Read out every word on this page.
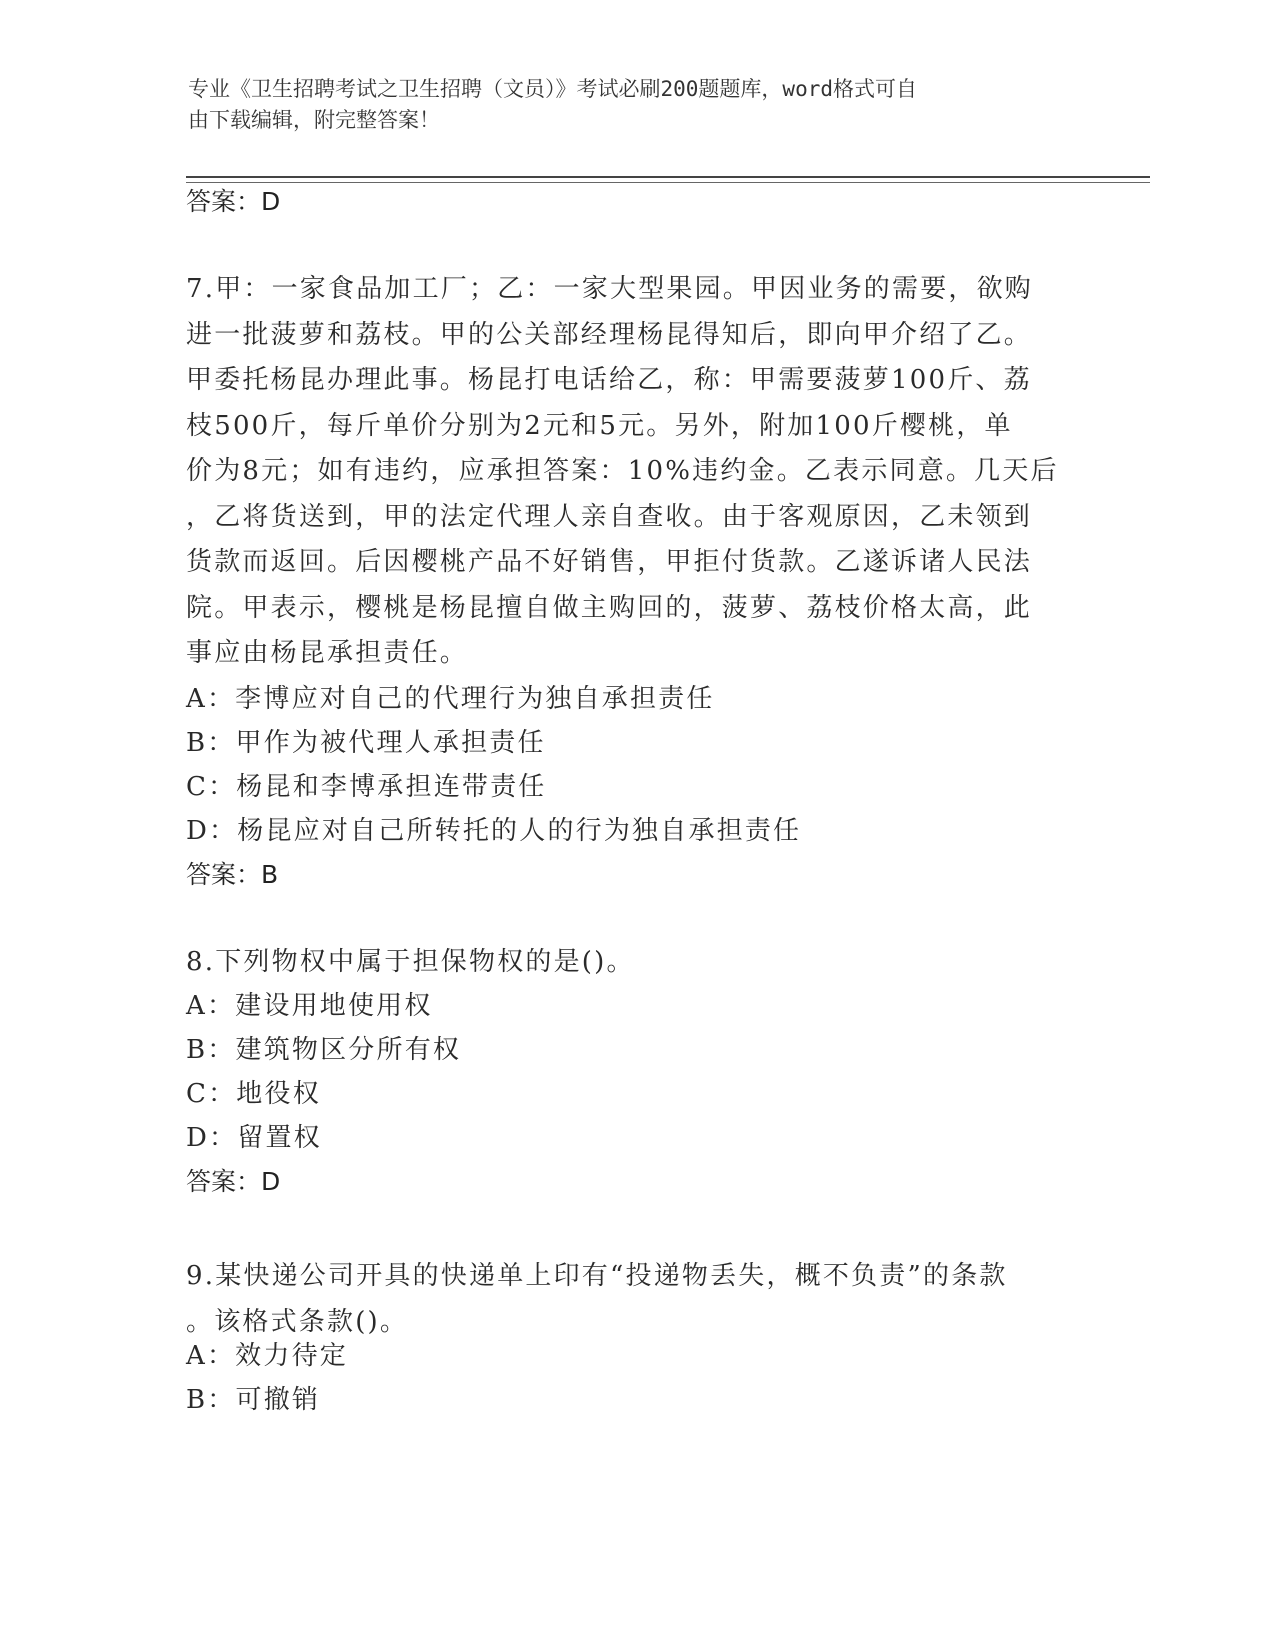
专业《卫生招聘考试之卫生招聘（文员）》考试必刷200题题库，word格式可自
由下载编辑，附完整答案！
答案：D
7.甲：一家食品加工厂；乙：一家大型果园。甲因业务的需要，欲购
进一批菠萝和荔枝。甲的公关部经理杨昆得知后，即向甲介绍了乙。
甲委托杨昆办理此事。杨昆打电话给乙，称：甲需要菠萝100斤、荔
枝500斤，每斤单价分别为2元和5元。另外，附加100斤樱桃，单
价为8元；如有违约，应承担答案：10%违约金。乙表示同意。几天后
，乙将货送到，甲的法定代理人亲自查收。由于客观原因，乙未领到
货款而返回。后因樱桃产品不好销售，甲拒付货款。乙遂诉诸人民法
院。甲表示，樱桃是杨昆擅自做主购回的，菠萝、荔枝价格太高，此
事应由杨昆承担责任。
A：李博应对自己的代理行为独自承担责任
B：甲作为被代理人承担责任
C：杨昆和李博承担连带责任
D：杨昆应对自己所转托的人的行为独自承担责任
答案：B
8.下列物权中属于担保物权的是()。
A：建设用地使用权
B：建筑物区分所有权
C：地役权
D：留置权
答案：D
9.某快递公司开具的快递单上印有“投递物丢失，概不负责”的条款
。该格式条款()。
A：效力待定
B：可撤销
